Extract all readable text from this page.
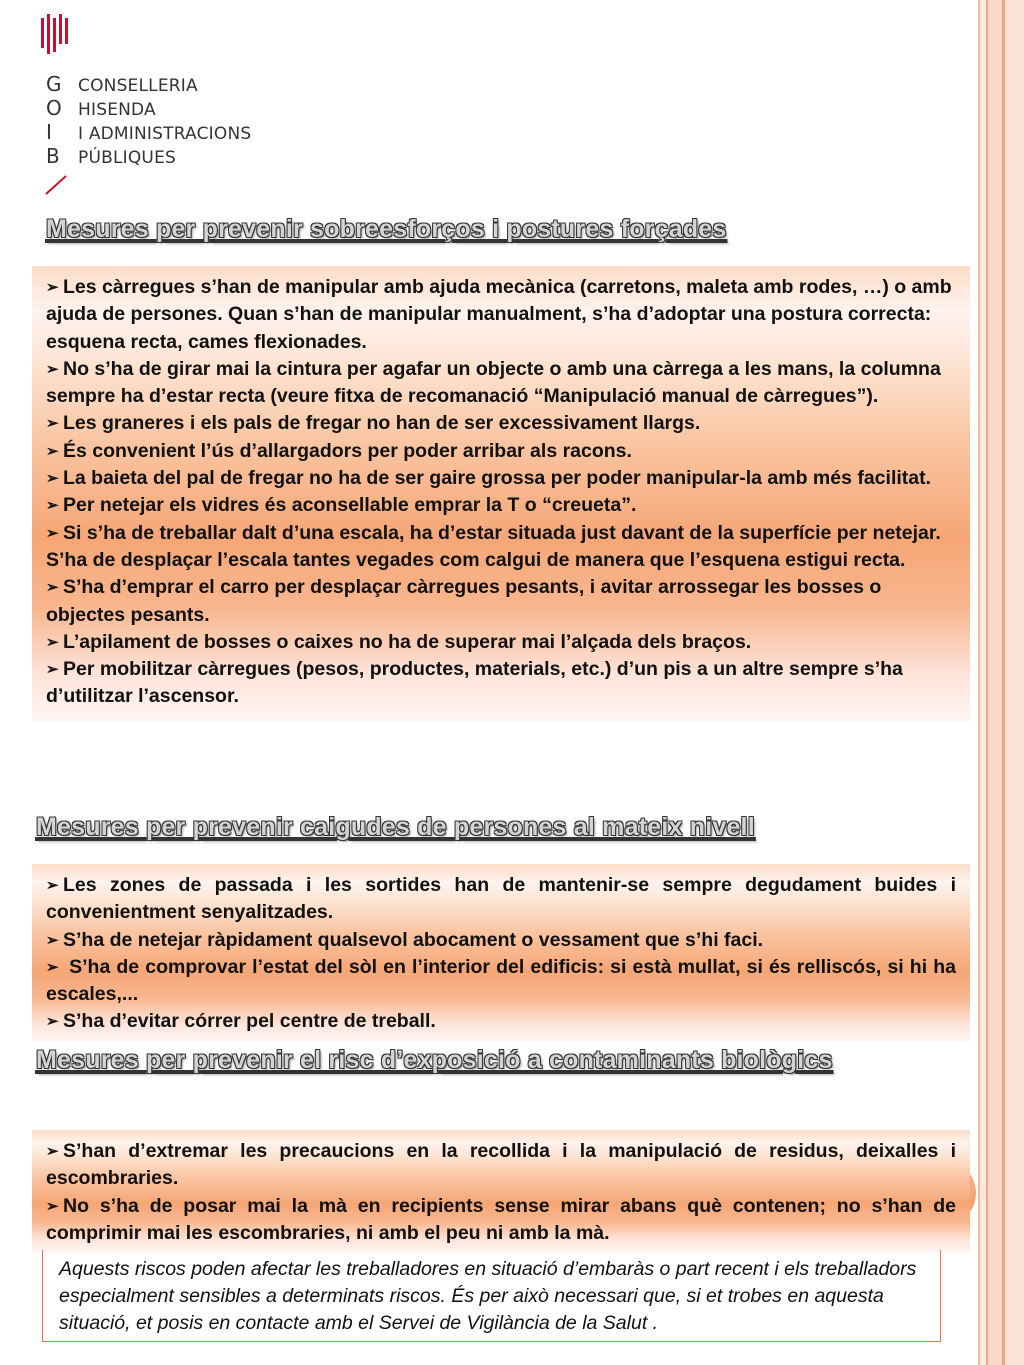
G
O
I
B
CONSELLERIA
HISENDA
I ADMINISTRACIONS
PÚBLIQUES
Mesures per prevenir sobreesforços i postures forçades

➢ Les càrregues s’han de manipular amb ajuda mecànica (carretons, maleta amb rodes, …) o amb ajuda de persones. Quan s’han de manipular manualment, s’ha d’adoptar una postura correcta: esquena recta, cames flexionades.

➢ No s’ha de girar mai la cintura per agafar un objecte o amb una càrrega a les mans, la columna sempre ha d’estar recta (veure fitxa de recomanació “Manipulació manual de càrregues”).

➢ Les graneres i els pals de fregar no han de ser excessivament llargs.

➢ És convenient l’ús d’allargadors per poder arribar als racons.

➢ La baieta del pal de fregar no ha de ser gaire grossa per poder manipular-la amb més facilitat.

➢ Per netejar els vidres és aconsellable emprar la T o “creueta”.

➢ Si s’ha de treballar dalt d’una escala, ha d’estar situada just davant de la superfície per netejar. S’ha de desplaçar l’escala tantes vegades com calgui de manera que l’esquena estigui recta.

➢ S’ha d’emprar el carro per desplaçar càrregues pesants, i avitar arrossegar les bosses o objectes pesants.

➢ L’apilament de bosses o caixes no ha de superar mai l’alçada dels braços.

➢ Per mobilitzar càrregues (pesos, productes, materials, etc.) d’un pis a un altre sempre s’ha d’utilitzar l’ascensor.

Mesures per prevenir caigudes de persones al mateix nivell

➢ Les zones de passada i les sortides han de mantenir-se sempre degudament buides i convenientment senyalitzades.

➢ S’ha de netejar ràpidament qualsevol abocament o vessament que s’hi faci.

➢ S’ha de comprovar l’estat del sòl en l’interior del edificis: si està mullat, si és relliscós, si hi ha escales,...

➢ S’ha d’evitar córrer pel centre de treball.

Mesures per prevenir el risc d’exposició a contaminants biològics

➢ S’han d’extremar les precaucions en la recollida i la manipulació de residus, deixalles i escombraries.

➢ No s’ha de posar mai la mà en recipients sense mirar abans què contenen; no s’han de comprimir mai les escombraries, ni amb el peu ni amb la mà.

Aquests riscos poden afectar les treballadores en situació d’embaràs o part recent i els treballadors especialment sensibles a determinats riscos. És per això necessari que, si et trobes en aquesta situació, et posis en contacte amb el Servei de Vigilància de la Salut .
